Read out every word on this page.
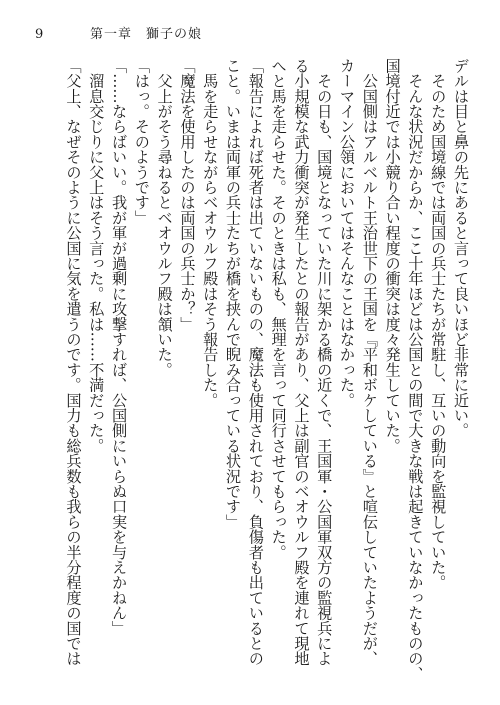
9	第一章　獅子の娘

デルは目と鼻の先にあると言って良いほど非常に近い。

　そのため国境線では両国の兵士たちが常駐し、互いの動向を監視していた。

　そんな状況だからか、ここ十年ほどは公国との間で大きな戦は起きていなかったものの、

国境付近では小競り合い程度の衝突は度々発生していた。

　公国側はアルベルト王治世下の王国を『平和ボケしている』と喧伝していたようだが、

カーマイン公領においてはそんなことはなかった。

　その日も、国境となっていた川に架かる橋の近くで、王国軍・公国軍双方の監視兵によ

る小規模な武力衝突が発生したとの報告があり、父上は副官のベオウルフ殿を連れて現地

へと馬を走らせた。そのときは私も、無理を言って同行させてもらった。

「報告によれば死者は出ていないものの、魔法も使用されており、負傷者も出ているとの

こと。いまは両軍の兵士たちが橋を挟んで睨み合っている状況です」

　馬を走らせながらベオウルフ殿はそう報告した。

「魔法を使用したのは両国の兵士か？」

　父上がそう尋ねるとベオウルフ殿は頷いた。

「はっ。そのようです」

「……ならばいい。我が軍が過剰に攻撃すれば、公国側にいらぬ口実を与えかねん」

　溜息交じりに父上はそう言った。私は……不満だった。

「父上、なぜそのように公国に気を遣うのです。国力も総兵数も我らの半分程度の国では
